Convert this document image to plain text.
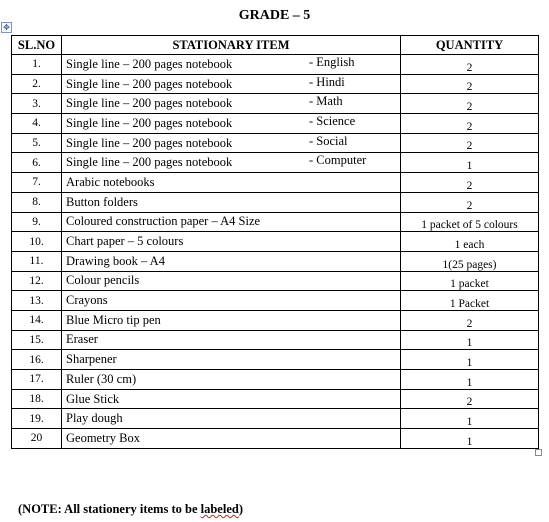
✥
GRADE – 5
SL.NO	STATIONARY ITEM	QUANTITY
1.	Single line – 200 pages notebook - English	2
2.	Single line – 200 pages notebook - Hindi	2
3.	Single line – 200 pages notebook - Math	2
4.	Single line – 200 pages notebook - Science	2
5.	Single line – 200 pages notebook - Social	2
6.	Single line – 200 pages notebook - Computer	1
7.	Arabic notebooks	2
8.	Button folders	2
9.	Coloured construction paper – A4 Size	1 packet of 5 colours
10.	Chart paper – 5 colours	1 each
11.	Drawing book – A4	1(25 pages)
12.	Colour pencils	1 packet
13.	Crayons	1 Packet
14.	Blue Micro tip pen	2
15.	Eraser	1
16.	Sharpener	1
17.	Ruler (30 cm)	1
18.	Glue Stick	2
19.	Play dough	1
20	Geometry Box	1
(NOTE: All stationery items to be labeled)
